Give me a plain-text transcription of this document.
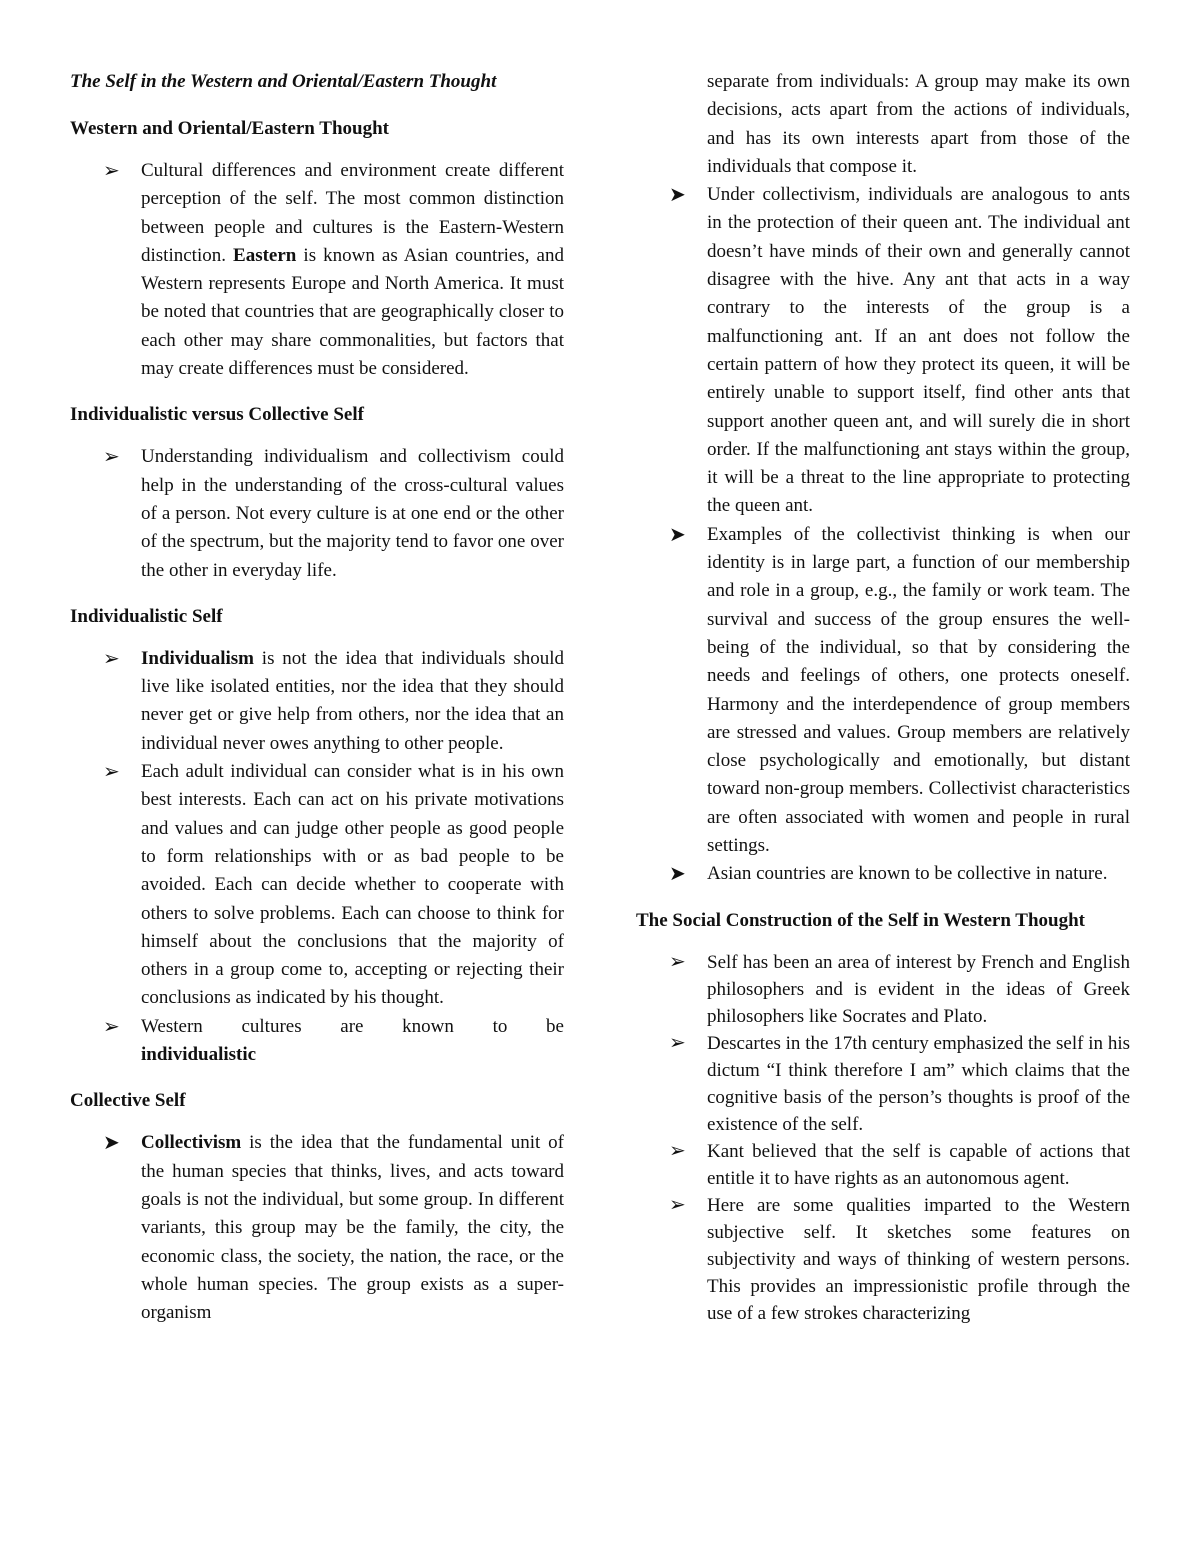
The Self in the Western and Oriental/Eastern Thought
Western and Oriental/Eastern Thought
➢ Cultural differences and environment create different perception of the self. The most common distinction between people and cultures is the Eastern-Western distinction. Eastern is known as Asian countries, and Western represents Europe and North America. It must be noted that countries that are geographically closer to each other may share commonalities, but factors that may create differences must be considered.
Individualistic versus Collective Self
➢ Understanding individualism and collectivism could help in the understanding of the cross-cultural values of a person. Not every culture is at one end or the other of the spectrum, but the majority tend to favor one over the other in everyday life.
Individualistic Self
➢ Individualism is not the idea that individuals should live like isolated entities, nor the idea that they should never get or give help from others, nor the idea that an individual never owes anything to other people.
➢ Each adult individual can consider what is in his own best interests. Each can act on his private motivations and values and can judge other people as good people to form relationships with or as bad people to be avoided. Each can decide whether to cooperate with others to solve problems. Each can choose to think for himself about the conclusions that the majority of others in a group come to, accepting or rejecting their conclusions as indicated by his thought.
➢ Western cultures are known to be
individualistic
Collective Self
➤ Collectivism is the idea that the fundamental unit of the human species that thinks, lives, and acts toward goals is not the individual, but some group. In different variants, this group may be the family, the city, the economic class, the society, the nation, the race, or the whole human species. The group exists as a super-organism

separate from individuals: A group may make its own decisions, acts apart from the actions of individuals, and has its own interests apart from those of the individuals that compose it.

➤ Under collectivism, individuals are analogous to ants in the protection of their queen ant. The individual ant doesn’t have minds of their own and generally cannot disagree with the hive. Any ant that acts in a way contrary to the interests of the group is a malfunctioning ant. If an ant does not follow the certain pattern of how they protect its queen, it will be entirely unable to support itself, find other ants that support another queen ant, and will surely die in short order. If the malfunctioning ant stays within the group, it will be a threat to the line appropriate to protecting the queen ant.
➤ Examples of the collectivist thinking is when our identity is in large part, a function of our membership and role in a group, e.g., the family or work team. The survival and success of the group ensures the well-being of the individual, so that by considering the needs and feelings of others, one protects oneself. Harmony and the interdependence of group members are stressed and values. Group members are relatively close psychologically and emotionally, but distant toward non-group members. Collectivist characteristics are often associated with women and people in rural settings.
➤ Asian countries are known to be collective in nature.
The Social Construction of the Self in Western Thought
➢ Self has been an area of interest by French and English philosophers and is evident in the ideas of Greek philosophers like Socrates and Plato.
➢ Descartes in the 17th century emphasized the self in his dictum “I think therefore I am” which claims that the cognitive basis of the person’s thoughts is proof of the existence of the self.
➢ Kant believed that the self is capable of actions that entitle it to have rights as an autonomous agent.
➢ Here are some qualities imparted to the Western subjective self. It sketches some features on subjectivity and ways of thinking of western persons. This provides an impressionistic profile through the use of a few strokes characterizing
